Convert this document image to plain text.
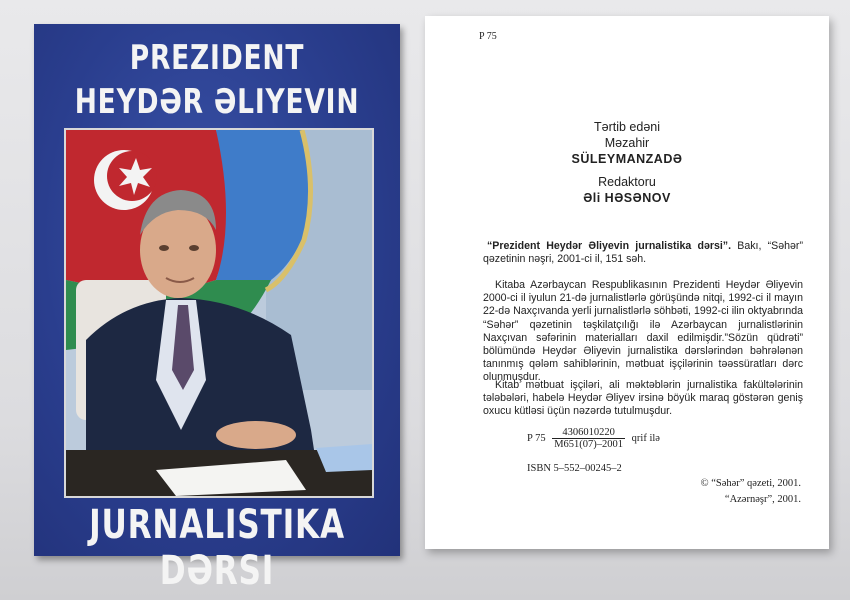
PREZIDENT
HEYDƏR ƏLIYEVIN
JURNALISTIKA DƏRSI
P 75
Tərtib edəni
Məzahir
SÜLEYMANZADƏ
Redaktoru
Əli HƏSƏNOV
“Prezident Heydər Əliyevin jurnalistika dərsi”. Bakı, “Səhər” qəzetinin nəşri, 2001-ci il, 151 səh.
Kitaba Azərbaycan Respublikasının Prezidenti Heydər Əliyevin 2000-ci il iyulun 21-də jurnalistlərlə görüşündə nitqi, 1992-ci il mayın 22-də Naxçıvanda yerli jurnalistlərlə söhbəti, 1992-ci ilin oktyabrında “Səhər” qəzetinin təşkilatçılığı ilə Azərbaycan jurnalistlərinin Naxçıvan səfərinin materialları daxil edilmişdir.”Sözün qüdrəti” bölümündə Heydər Əliyevin jurnalistika dərslərindən bəhrələnən tanınmış qələm sahiblərinin, mətbuat işçilərinin təəssüratları dərc olunmuşdur.
Kitab mətbuat işçiləri, ali məktəblərin jurnalistika fakültələrinin tələbələri, habelə Heydər Əliyev irsinə böyük maraq göstərən geniş oxucu kütləsi üçün nəzərdə tutulmuşdur.
P $75 \frac{4306010220}{M651(07)-2001}$ qrif ilə
ISBN 5–552–00245–2
© “Səhər” qəzeti, 2001.
“Azərnəşr”, 2001.
